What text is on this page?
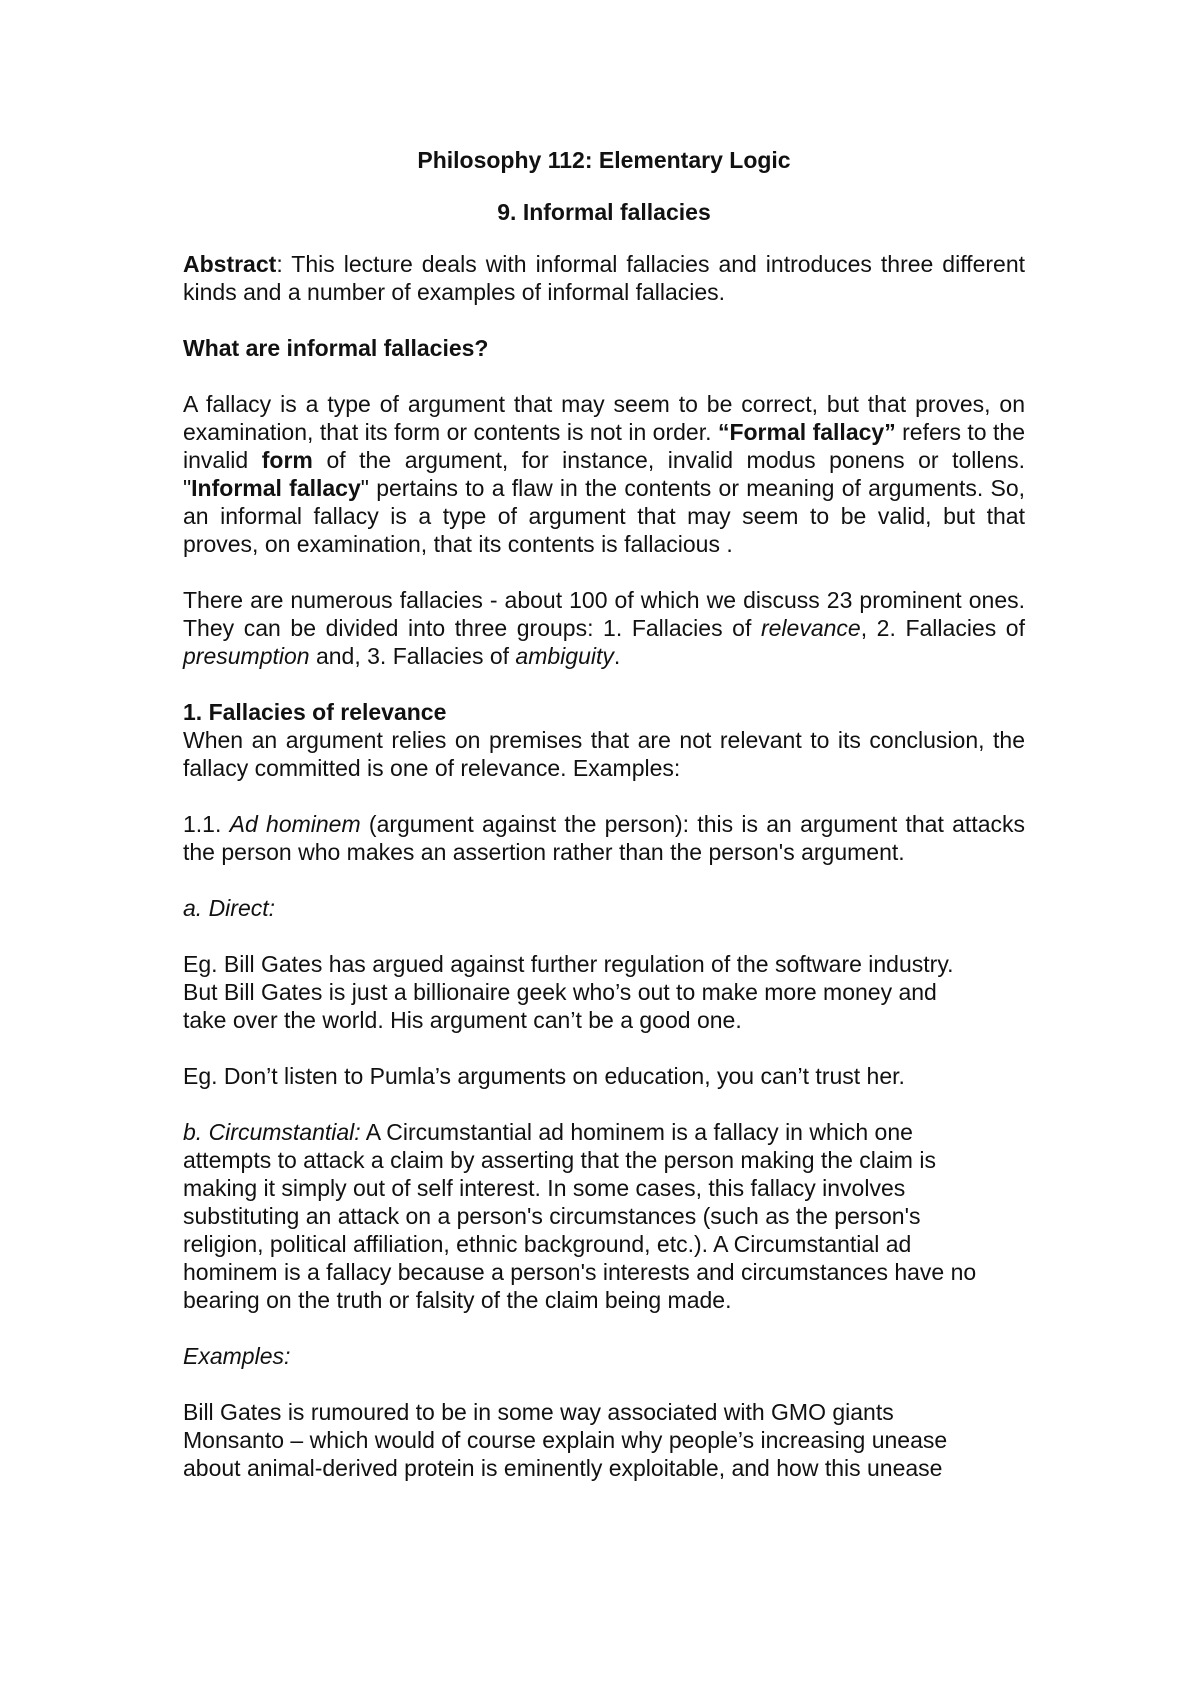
Philosophy 112: Elementary Logic

9. Informal fallacies

Abstract: This lecture deals with informal fallacies and introduces three different kinds and a number of examples of informal fallacies.

What are informal fallacies?

A fallacy is a type of argument that may seem to be correct, but that proves, on examination, that its form or contents is not in order. “Formal fallacy” refers to the invalid form of the argument, for instance, invalid modus ponens or tollens. "Informal fallacy" pertains to a flaw in the contents or meaning of arguments. So, an informal fallacy is a type of argument that may seem to be valid, but that proves, on examination, that its contents is fallacious .

There are numerous fallacies - about 100 of which we discuss 23 prominent ones. They can be divided into three groups: 1. Fallacies of relevance, 2. Fallacies of presumption and, 3. Fallacies of ambiguity.

1. Fallacies of relevance

When an argument relies on premises that are not relevant to its conclusion, the fallacy committed is one of relevance. Examples:

1.1. Ad hominem (argument against the person): this is an argument that attacks the person who makes an assertion rather than the person's argument.

a. Direct:

Eg. Bill Gates has argued against further regulation of the software industry.

But Bill Gates is just a billionaire geek who’s out to make more money and

take over the world. His argument can’t be a good one.

Eg. Don’t listen to Pumla’s arguments on education, you can’t trust her.

b. Circumstantial: A Circumstantial ad hominem is a fallacy in which one

attempts to attack a claim by asserting that the person making the claim is

making it simply out of self interest. In some cases, this fallacy involves

substituting an attack on a person's circumstances (such as the person's

religion, political affiliation, ethnic background, etc.). A Circumstantial ad

hominem is a fallacy because a person's interests and circumstances have no

bearing on the truth or falsity of the claim being made.

Examples:

Bill Gates is rumoured to be in some way associated with GMO giants

Monsanto – which would of course explain why people’s increasing unease

about animal-derived protein is eminently exploitable, and how this unease
